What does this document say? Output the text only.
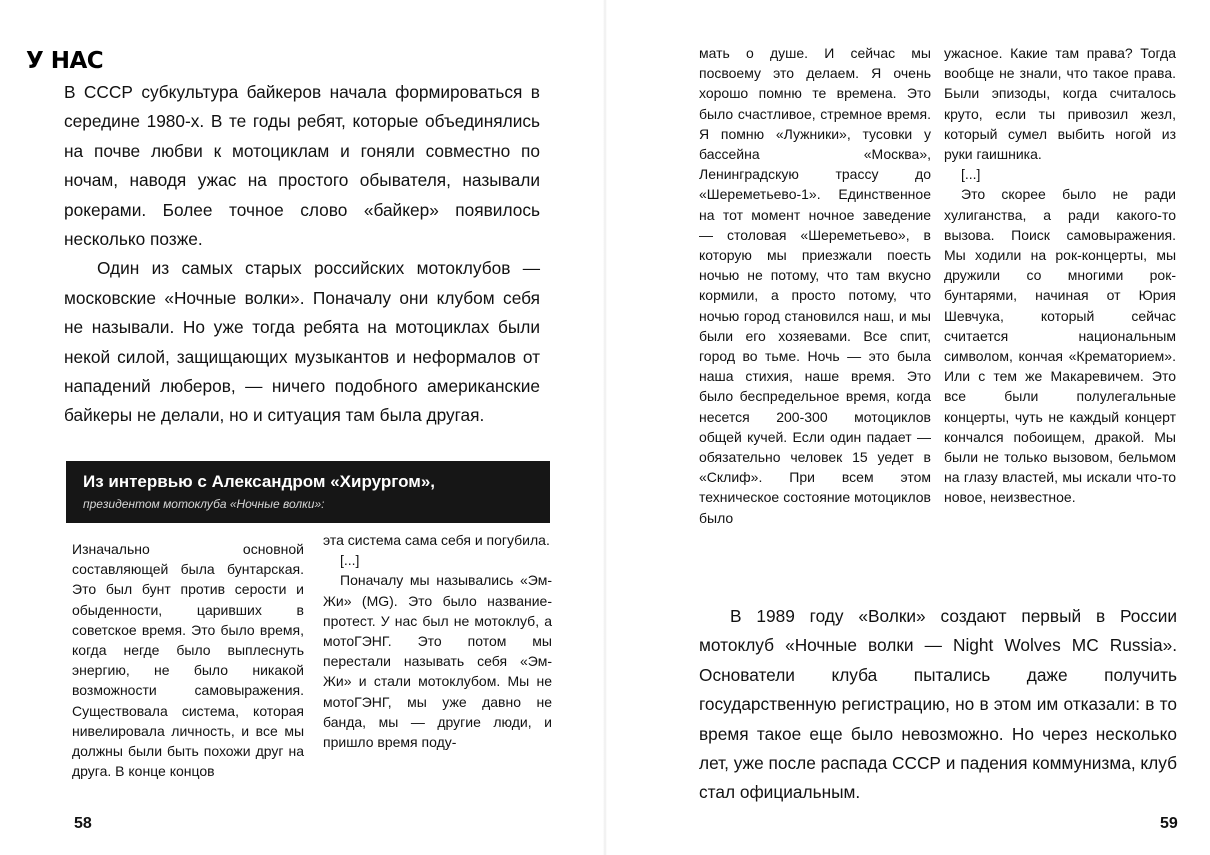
У НАС

В СССР субкультура байкеров начала формироваться в середине 1980-х. В те годы ребят, которые объединялись на почве любви к мотоциклам и гоняли совместно по ночам, наводя ужас на простого обывателя, называли рокерами. Более точное слово «байкер» появилось несколько позже.

Один из самых старых российских мотоклубов — московские «Ночные волки». Поначалу они клубом себя не называли. Но уже тогда ребята на мотоциклах были некой силой, защищающих музыкантов и неформалов от нападений люберов, — ничего подобного американские байкеры не делали, но и ситуация там была другая.

Из интервью с Александром «Хирургом»,

президентом мотоклуба «Ночные волки»:

Изначально основной составляющей была бунтарская. Это был бунт против серости и обыденности, царивших в советское время. Это было время, когда негде было выплеснуть энергию, не было никакой возможности самовыражения. Существовала система, которая нивелировала личность, и все мы должны были быть похожи друг на друга. В конце концов

эта система сама себя и погубила.

[...]

Поначалу мы назывались «Эм-Жи» (MG). Это было название-протест. У нас был не мотоклуб, а мотоГЭНГ. Это потом мы перестали называть себя «Эм-Жи» и стали мотоклубом. Мы не мотоГЭНГ, мы уже давно не банда, мы — другие люди, и пришло время поду-

58

мать о душе. И сейчас мы посвоему это делаем. Я очень хорошо помню те времена. Это было счастливое, стремное время. Я помню «Лужники», тусовки у бассейна «Москва», Ленинградскую трассу до «Шереметьево-1». Единственное на тот момент ночное заведение — столовая «Шереметьево», в которую мы приезжали поесть ночью не потому, что там вкусно кормили, а просто потому, что ночью город становился наш, и мы были его хозяевами. Все спит, город во тьме. Ночь — это была наша стихия, наше время. Это было беспредельное время, когда несется 200-300 мотоциклов общей кучей. Если один падает — обязательно человек 15 уедет в «Склиф». При всем этом техническое состояние мотоциклов было

ужасное. Какие там права? Тогда вообще не знали, что такое права. Были эпизоды, когда считалось круто, если ты привозил жезл, который сумел выбить ногой из руки гаишника.

[...]

Это скорее было не ради хулиганства, а ради какого-то вызова. Поиск самовыражения. Мы ходили на рок-концерты, мы дружили со многими рок-бунтарями, начиная от Юрия Шевчука, который сейчас считается национальным символом, кончая «Крематорием». Или с тем же Макаревичем. Это все были полулегальные концерты, чуть не каждый концерт кончался побоищем, дракой. Мы были не только вызовом, бельмом на глазу властей, мы искали что-то новое, неизвестное.

В 1989 году «Волки» создают первый в России мотоклуб «Ночные волки — Night Wolves MC Russia». Основатели клуба пытались даже получить государственную регистрацию, но в этом им отказали: в то время такое еще было невозможно. Но через несколько лет, уже после распада СССР и падения коммунизма, клуб стал официальным.

59
